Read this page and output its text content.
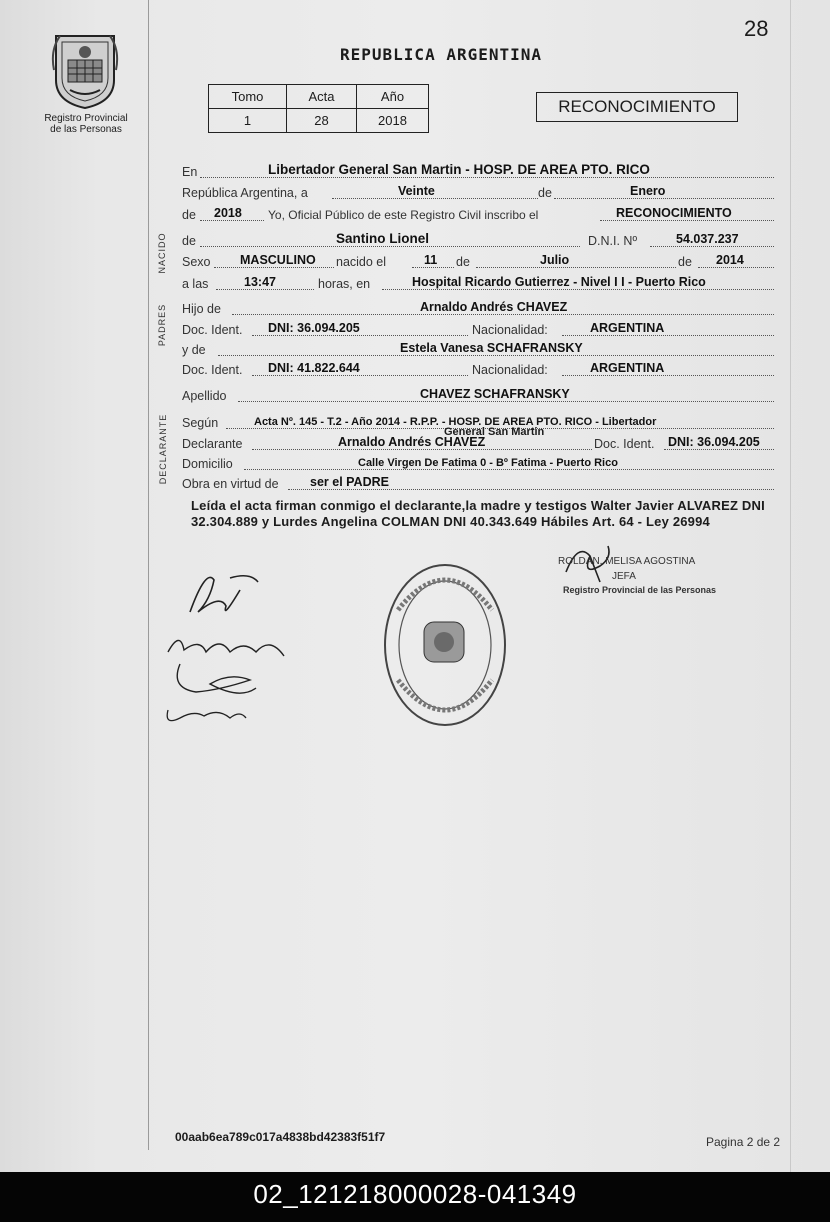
28
Registro Provincial de las Personas
REPUBLICA ARGENTINA
Tomo	Acta	Año
1	28	2018
RECONOCIMIENTO
NACIDO
PADRES
DECLARANTE
En	Libertador General San Martin - HOSP. DE AREA PTO. RICO
República Argentina, a	Veinte	de	Enero
de 2018 Yo, Oficial Público de este Registro Civil inscribo el	RECONOCIMIENTO
de	Santino Lionel	D.N.I. Nº	54.037.237
Sexo MASCULINO nacido el	11 de	Julio	de 2014
a las	13:47	horas, en	Hospital Ricardo Gutierrez - Nivel I I - Puerto Rico
Hijo de	Arnaldo Andrés CHAVEZ
Doc. Ident. DNI: 36.094.205	Nacionalidad:	ARGENTINA
y de	Estela Vanesa SCHAFRANSKY
Doc. Ident. DNI: 41.822.644	Nacionalidad:	ARGENTINA
Apellido	CHAVEZ SCHAFRANSKY
Según	Acta Nº. 145 - T.2 - Año 2014 - R.P.P. - HOSP. DE AREA PTO. RICO - Libertador
General San Martin
Declarante	Arnaldo Andrés CHAVEZ	Doc. Ident. DNI: 36.094.205
Domicilio	Calle Virgen De Fatima 0 - Bº Fatima - Puerto Rico
Obra en virtud de	ser el PADRE
Leída el acta firman conmigo el declarante,la madre y testigos Walter Javier ALVAREZ DNI 32.304.889 y Lurdes Angelina COLMAN DNI 40.343.649 Hábiles Art. 64 - Ley 26994
ROLDAN, MELISA AGOSTINA
JEFA
Registro Provincial de las Personas
00aab6ea789c017a4838bd42383f51f7	Pagina 2 de 2
02_121218000028-041349
